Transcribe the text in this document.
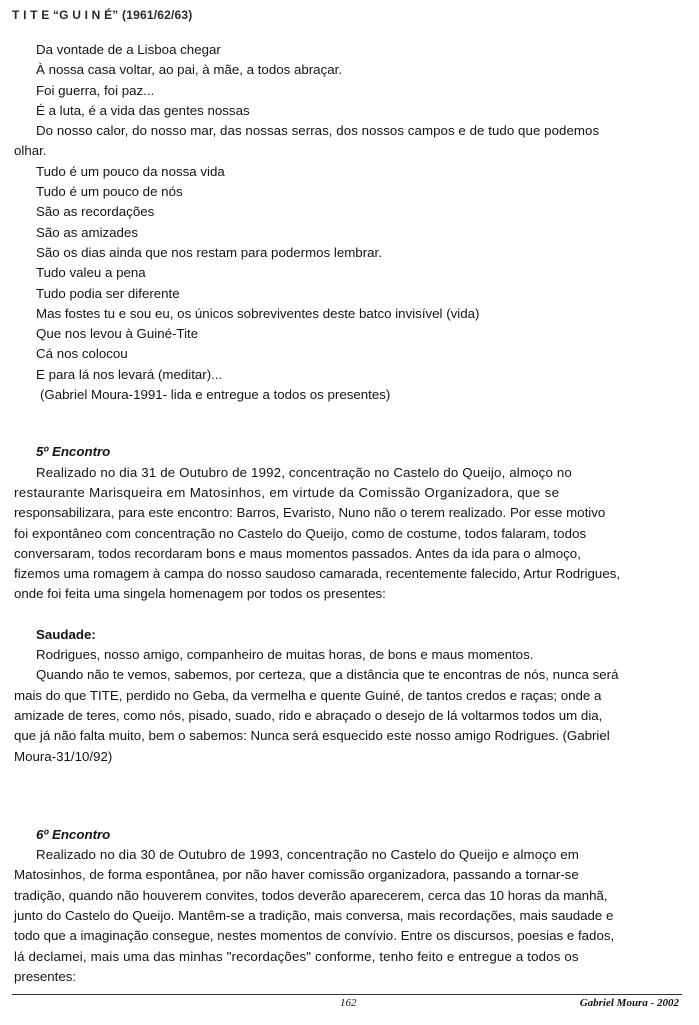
T I T E “G U I N É” (1961/62/63)
Da vontade de a Lisboa chegar
À nossa casa voltar, ao pai, à mãe, a todos abraçar.
Foi guerra, foi paz...
É a luta, é a vida das gentes nossas
Do nosso calor, do nosso mar, das nossas serras, dos nossos campos e de tudo que podemos
olhar.
Tudo é um pouco da nossa vida
Tudo é um pouco de nós
São as recordações
São as amizades
São os dias ainda que nos restam para podermos lembrar.
Tudo valeu a pena
Tudo podia ser diferente
Mas fostes tu e sou eu, os únicos sobreviventes deste batco invisível (vida)
Que nos levou à Guiné-Tite
Cá nos colocou
E para lá nos levará (meditar)...
(Gabriel Moura-1991- lida e entregue a todos os presentes)
5º Encontro
Realizado no dia 31 de Outubro de 1992, concentração no Castelo do Queijo, almoço no
restaurante Marisqueira em Matosinhos, em virtude da Comissão Organizadora, que se
responsabilizara, para este encontro: Barros, Evaristo, Nuno não o terem realizado. Por esse motivo
foi expontâneo com concentração no Castelo do Queijo, como de costume, todos falaram, todos
conversaram, todos recordaram bons e maus momentos passados. Antes da ida para o almoço,
fizemos uma romagem à campa do nosso saudoso camarada, recentemente falecido, Artur Rodrigues,
onde foi feita uma singela homenagem por todos os presentes:
Saudade:
Rodrigues, nosso amigo, companheiro de muitas horas, de bons e maus momentos.
Quando não te vemos, sabemos, por certeza, que a distância que te encontras de nós, nunca será
mais do que TITE, perdido no Geba, da vermelha e quente Guiné, de tantos credos e raças; onde a
amizade de teres, como nós, pisado, suado, rido e abraçado o desejo de lá voltarmos todos um dia,
que já não falta muito, bem o sabemos: Nunca será esquecido este nosso amigo Rodrigues. (Gabriel
Moura-31/10/92)
6º Encontro
Realizado no dia 30 de Outubro de 1993, concentração no Castelo do Queijo e almoço em
Matosinhos, de forma espontânea, por não haver comissão organizadora, passando a tornar-se
tradição, quando não houverem convites, todos deverão aparecerem, cerca das 10 horas da manhã,
junto do Castelo do Queijo. Mantêm-se a tradição, mais conversa, mais recordações, mais saudade e
todo que a imaginação consegue, nestes momentos de convívio. Entre os discursos, poesias e fados,
lá declamei, mais uma das minhas "recordações" conforme, tenho feito e entregue a todos os
presentes:
162	Gabriel Moura - 2002
